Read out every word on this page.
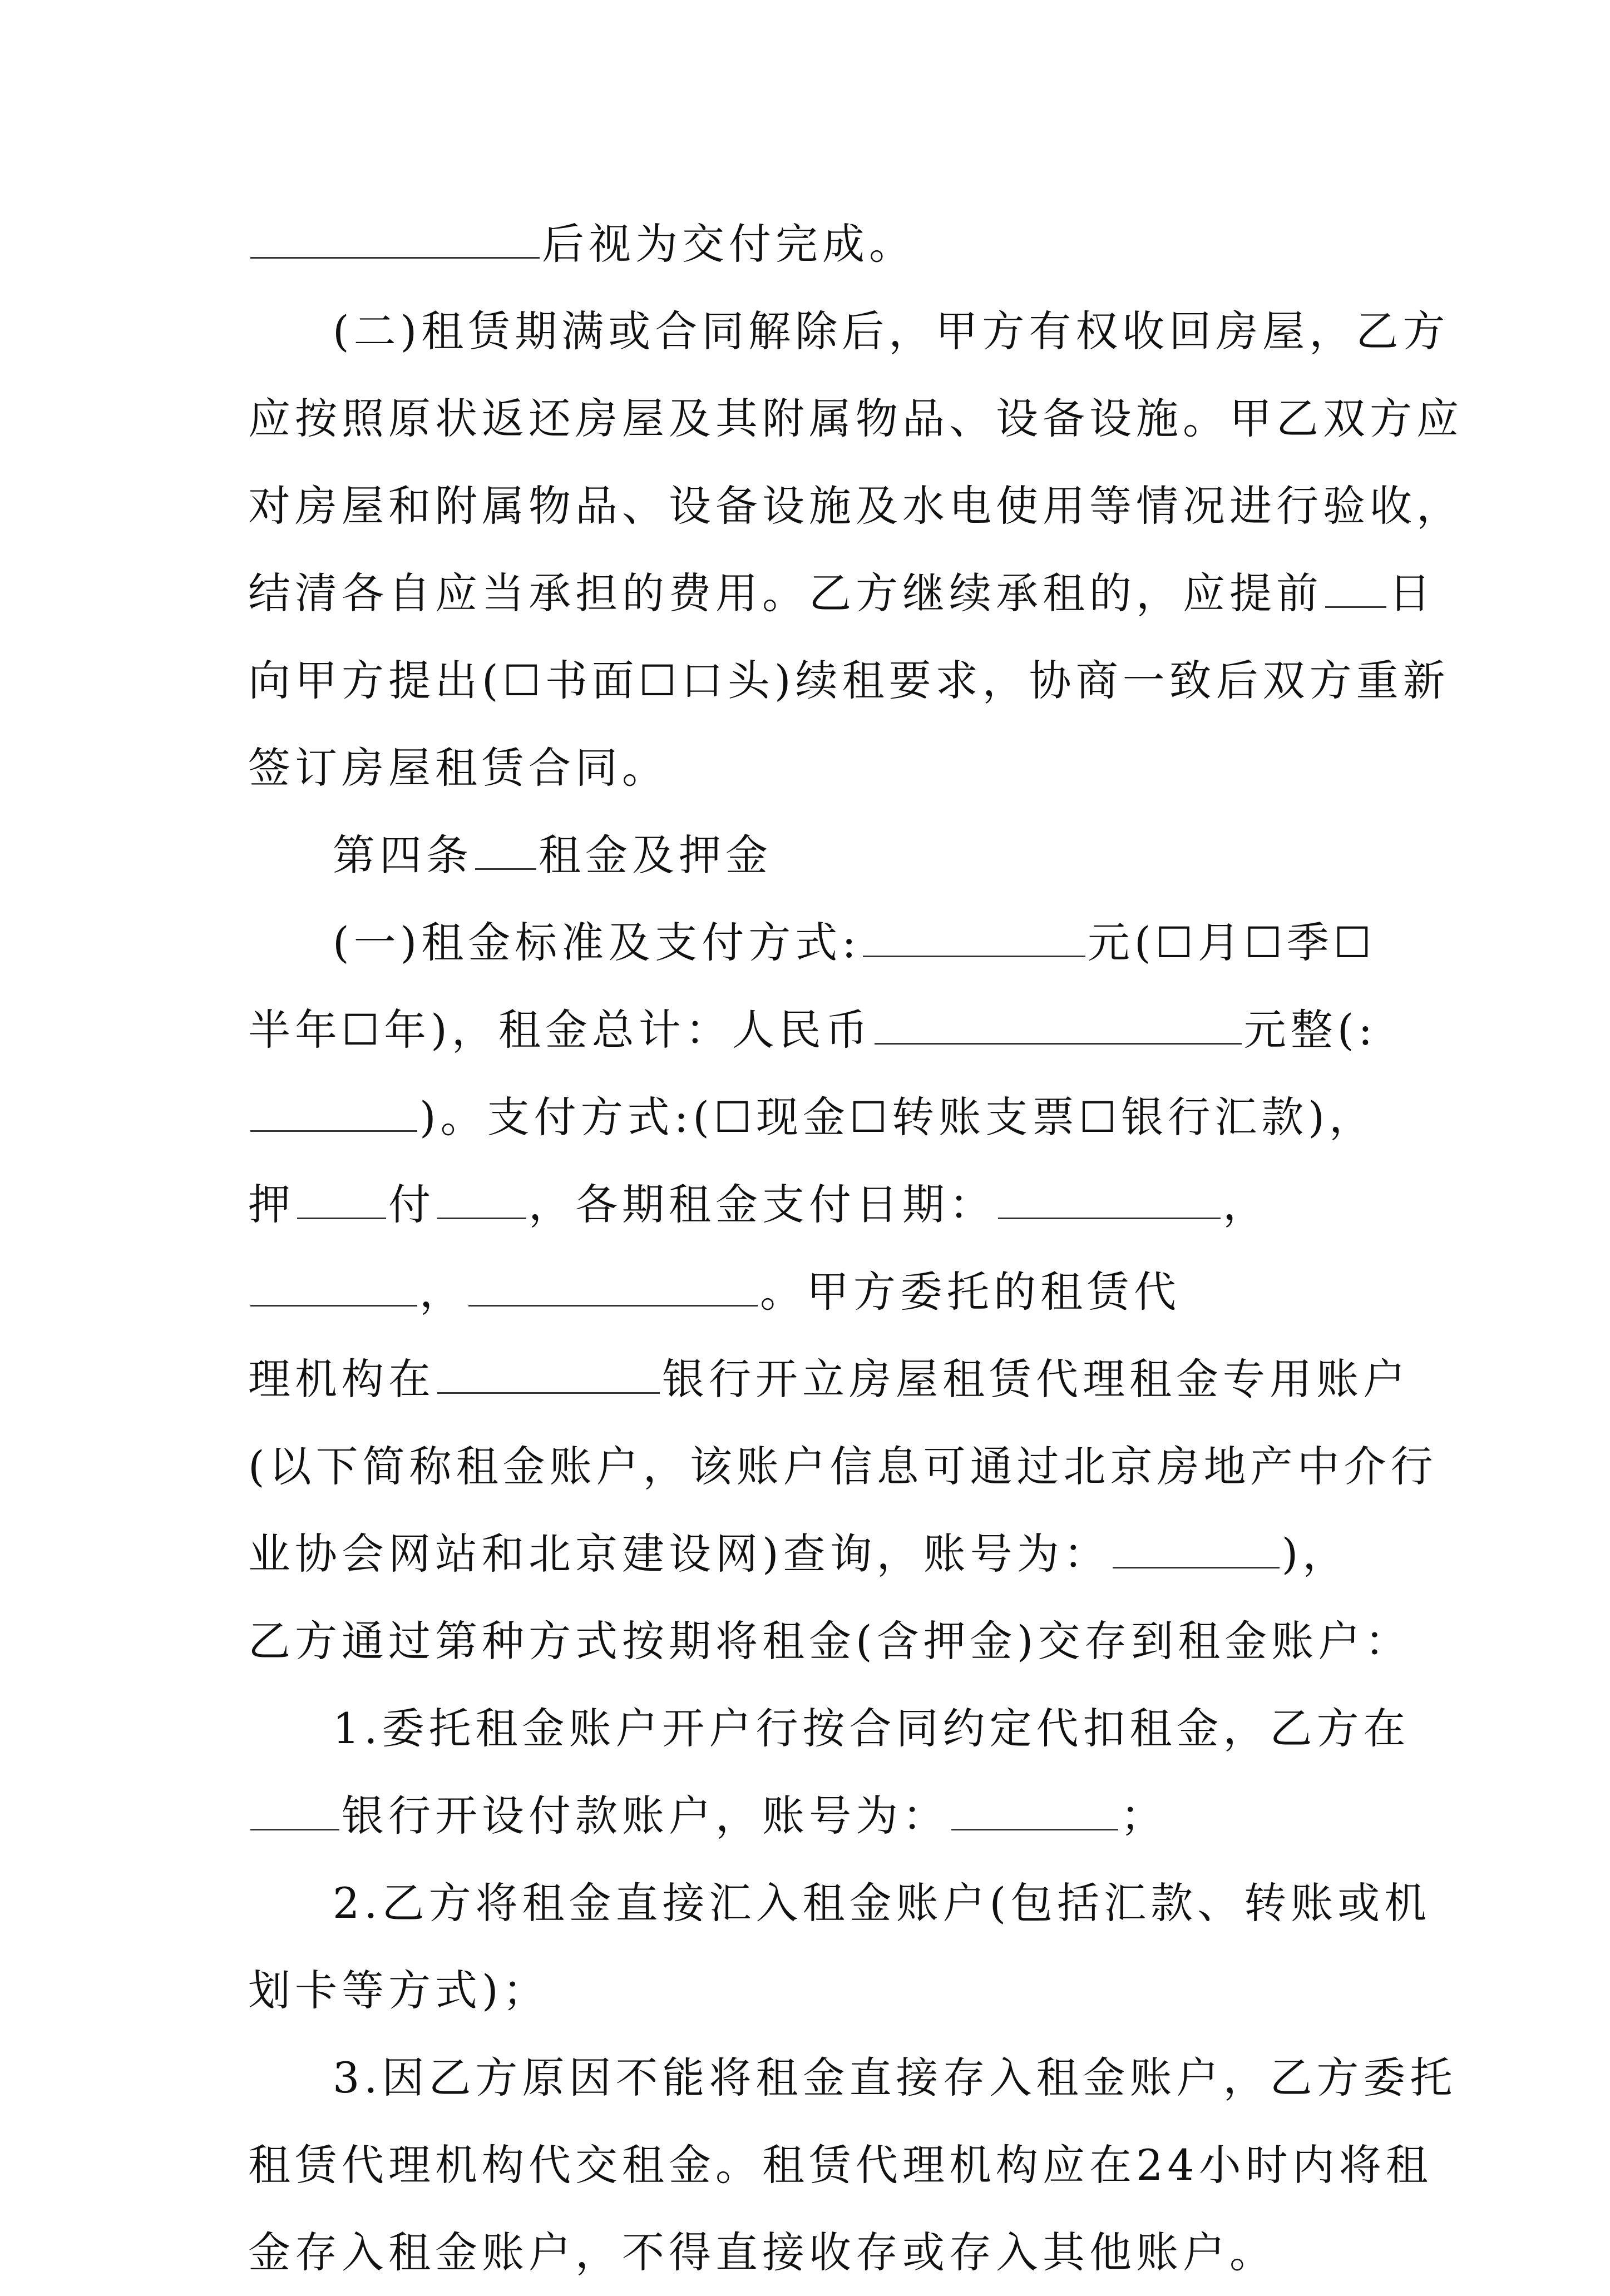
后视为交付完成。
(二)租赁期满或合同解除后，甲方有权收回房屋，乙方
应按照原状返还房屋及其附属物品、设备设施。甲乙双方应
对房屋和附属物品、设备设施及水电使用等情况进行验收，
结清各自应当承担的费用。乙方继续承租的，应提前 日
向甲方提出(☐书面☐口头)续租要求，协商一致后双方重新
签订房屋租赁合同。
第四条 租金及押金
(一)租金标准及支付方式:	元(☐月☐季☐
半年☐年)，租金总计：人民币	元整(:
)。支付方式:(☐现金☐转账支票☐银行汇款)，
押 付 ，各期租金支付日期：	，
，	。甲方委托的租赁代
理机构在	银行开立房屋租赁代理租金专用账户
(以下简称租金账户，该账户信息可通过北京房地产中介行
业协会网站和北京建设网)查询，账号为：	)，
乙方通过第种方式按期将租金(含押金)交存到租金账户：
1.委托租金账户开户行按合同约定代扣租金，乙方在
银行开设付款账户，账号为：	；
2.乙方将租金直接汇入租金账户(包括汇款、转账或机
划卡等方式)；
3.因乙方原因不能将租金直接存入租金账户，乙方委托
租赁代理机构代交租金。租赁代理机构应在24小时内将租
金存入租金账户，不得直接收存或存入其他账户。
